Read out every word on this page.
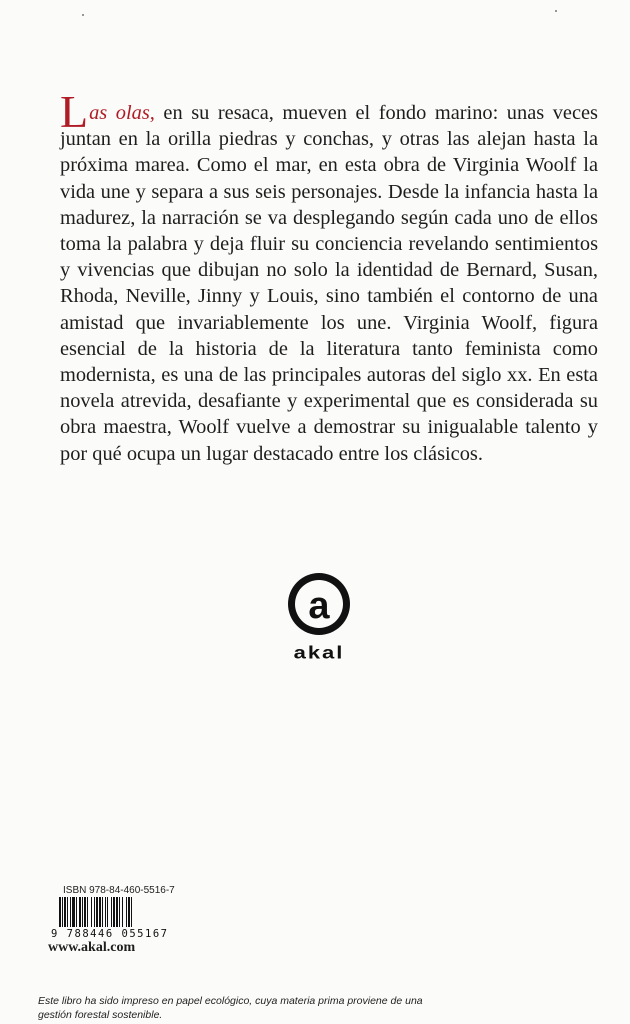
Las olas, en su resaca, mueven el fondo marino: unas veces juntan en la orilla piedras y conchas, y otras las alejan hasta la próxima marea. Como el mar, en esta obra de Virginia Woolf la vida une y separa a sus seis personajes. Desde la infancia hasta la madurez, la narración se va desplegando según cada uno de ellos toma la palabra y deja fluir su conciencia revelando sentimientos y vivencias que dibujan no solo la identidad de Bernard, Susan, Rhoda, Neville, Jinny y Louis, sino también el contorno de una amistad que invariablemente los une. Virginia Woolf, figura esencial de la historia de la literatura tanto feminista como modernista, es una de las principales autoras del siglo xx. En esta novela atrevida, desafiante y experimental que es considerada su obra maestra, Woolf vuelve a demostrar su inigualable talento y por qué ocupa un lugar destacado entre los clásicos.

a
akal

ISBN 978-84-460-5516-7

9 788446 055167

www.akal.com

Este libro ha sido impreso en papel ecológico, cuya materia prima proviene de una gestión forestal sostenible.
